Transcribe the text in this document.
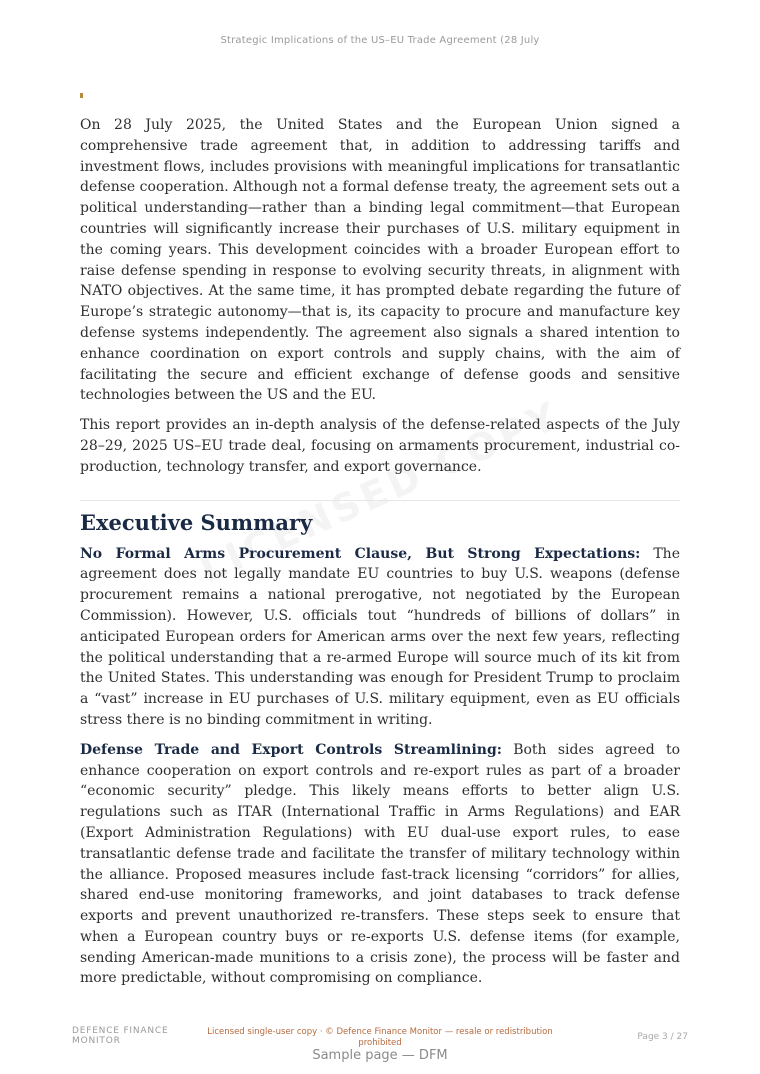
Strategic Implications of the US–EU Trade Agreement (28 July

On 28 July 2025, the United States and the European Union signed a comprehensive trade agreement that, in addition to addressing tariffs and investment flows, includes provisions with meaningful implications for transatlantic defense cooperation. Although not a formal defense treaty, the agreement sets out a political understanding—rather than a binding legal commitment—that European countries will significantly increase their purchases of U.S. military equipment in the coming years. This development coincides with a broader European effort to raise defense spending in response to evolving security threats, in alignment with NATO objectives. At the same time, it has prompted debate regarding the future of Europe’s strategic autonomy—that is, its capacity to procure and manufacture key defense systems independently. The agreement also signals a shared intention to enhance coordination on export controls and supply chains, with the aim of facilitating the secure and efficient exchange of defense goods and sensitive technologies between the US and the EU.

This report provides an in-depth analysis of the defense-related aspects of the July 28–29, 2025 US–EU trade deal, focusing on armaments procurement, industrial co-production, technology transfer, and export governance.

Executive Summary

No Formal Arms Procurement Clause, But Strong Expectations: The agreement does not legally mandate EU countries to buy U.S. weapons (defense procurement remains a national prerogative, not negotiated by the European Commission). However, U.S. officials tout “hundreds of billions of dollars” in anticipated European orders for American arms over the next few years, reflecting the political understanding that a re-armed Europe will source much of its kit from the United States. This understanding was enough for President Trump to proclaim a “vast” increase in EU purchases of U.S. military equipment, even as EU officials stress there is no binding commitment in writing.

Defense Trade and Export Controls Streamlining: Both sides agreed to enhance cooperation on export controls and re-export rules as part of a broader “economic security” pledge. This likely means efforts to better align U.S. regulations such as ITAR (International Traffic in Arms Regulations) and EAR (Export Administration Regulations) with EU dual-use export rules, to ease transatlantic defense trade and facilitate the transfer of military technology within the alliance. Proposed measures include fast-track licensing “corridors” for allies, shared end-use monitoring frameworks, and joint databases to track defense exports and prevent unauthorized re-transfers. These steps seek to ensure that when a European country buys or re-exports U.S. defense items (for example, sending American-made munitions to a crisis zone), the process will be faster and more predictable, without compromising on compliance.

DEFENCE FINANCE
MONITOR
Licensed single-user copy · © Defence Finance Monitor — resale or redistribution prohibited
Page 3 / 27
Sample page — DFM
